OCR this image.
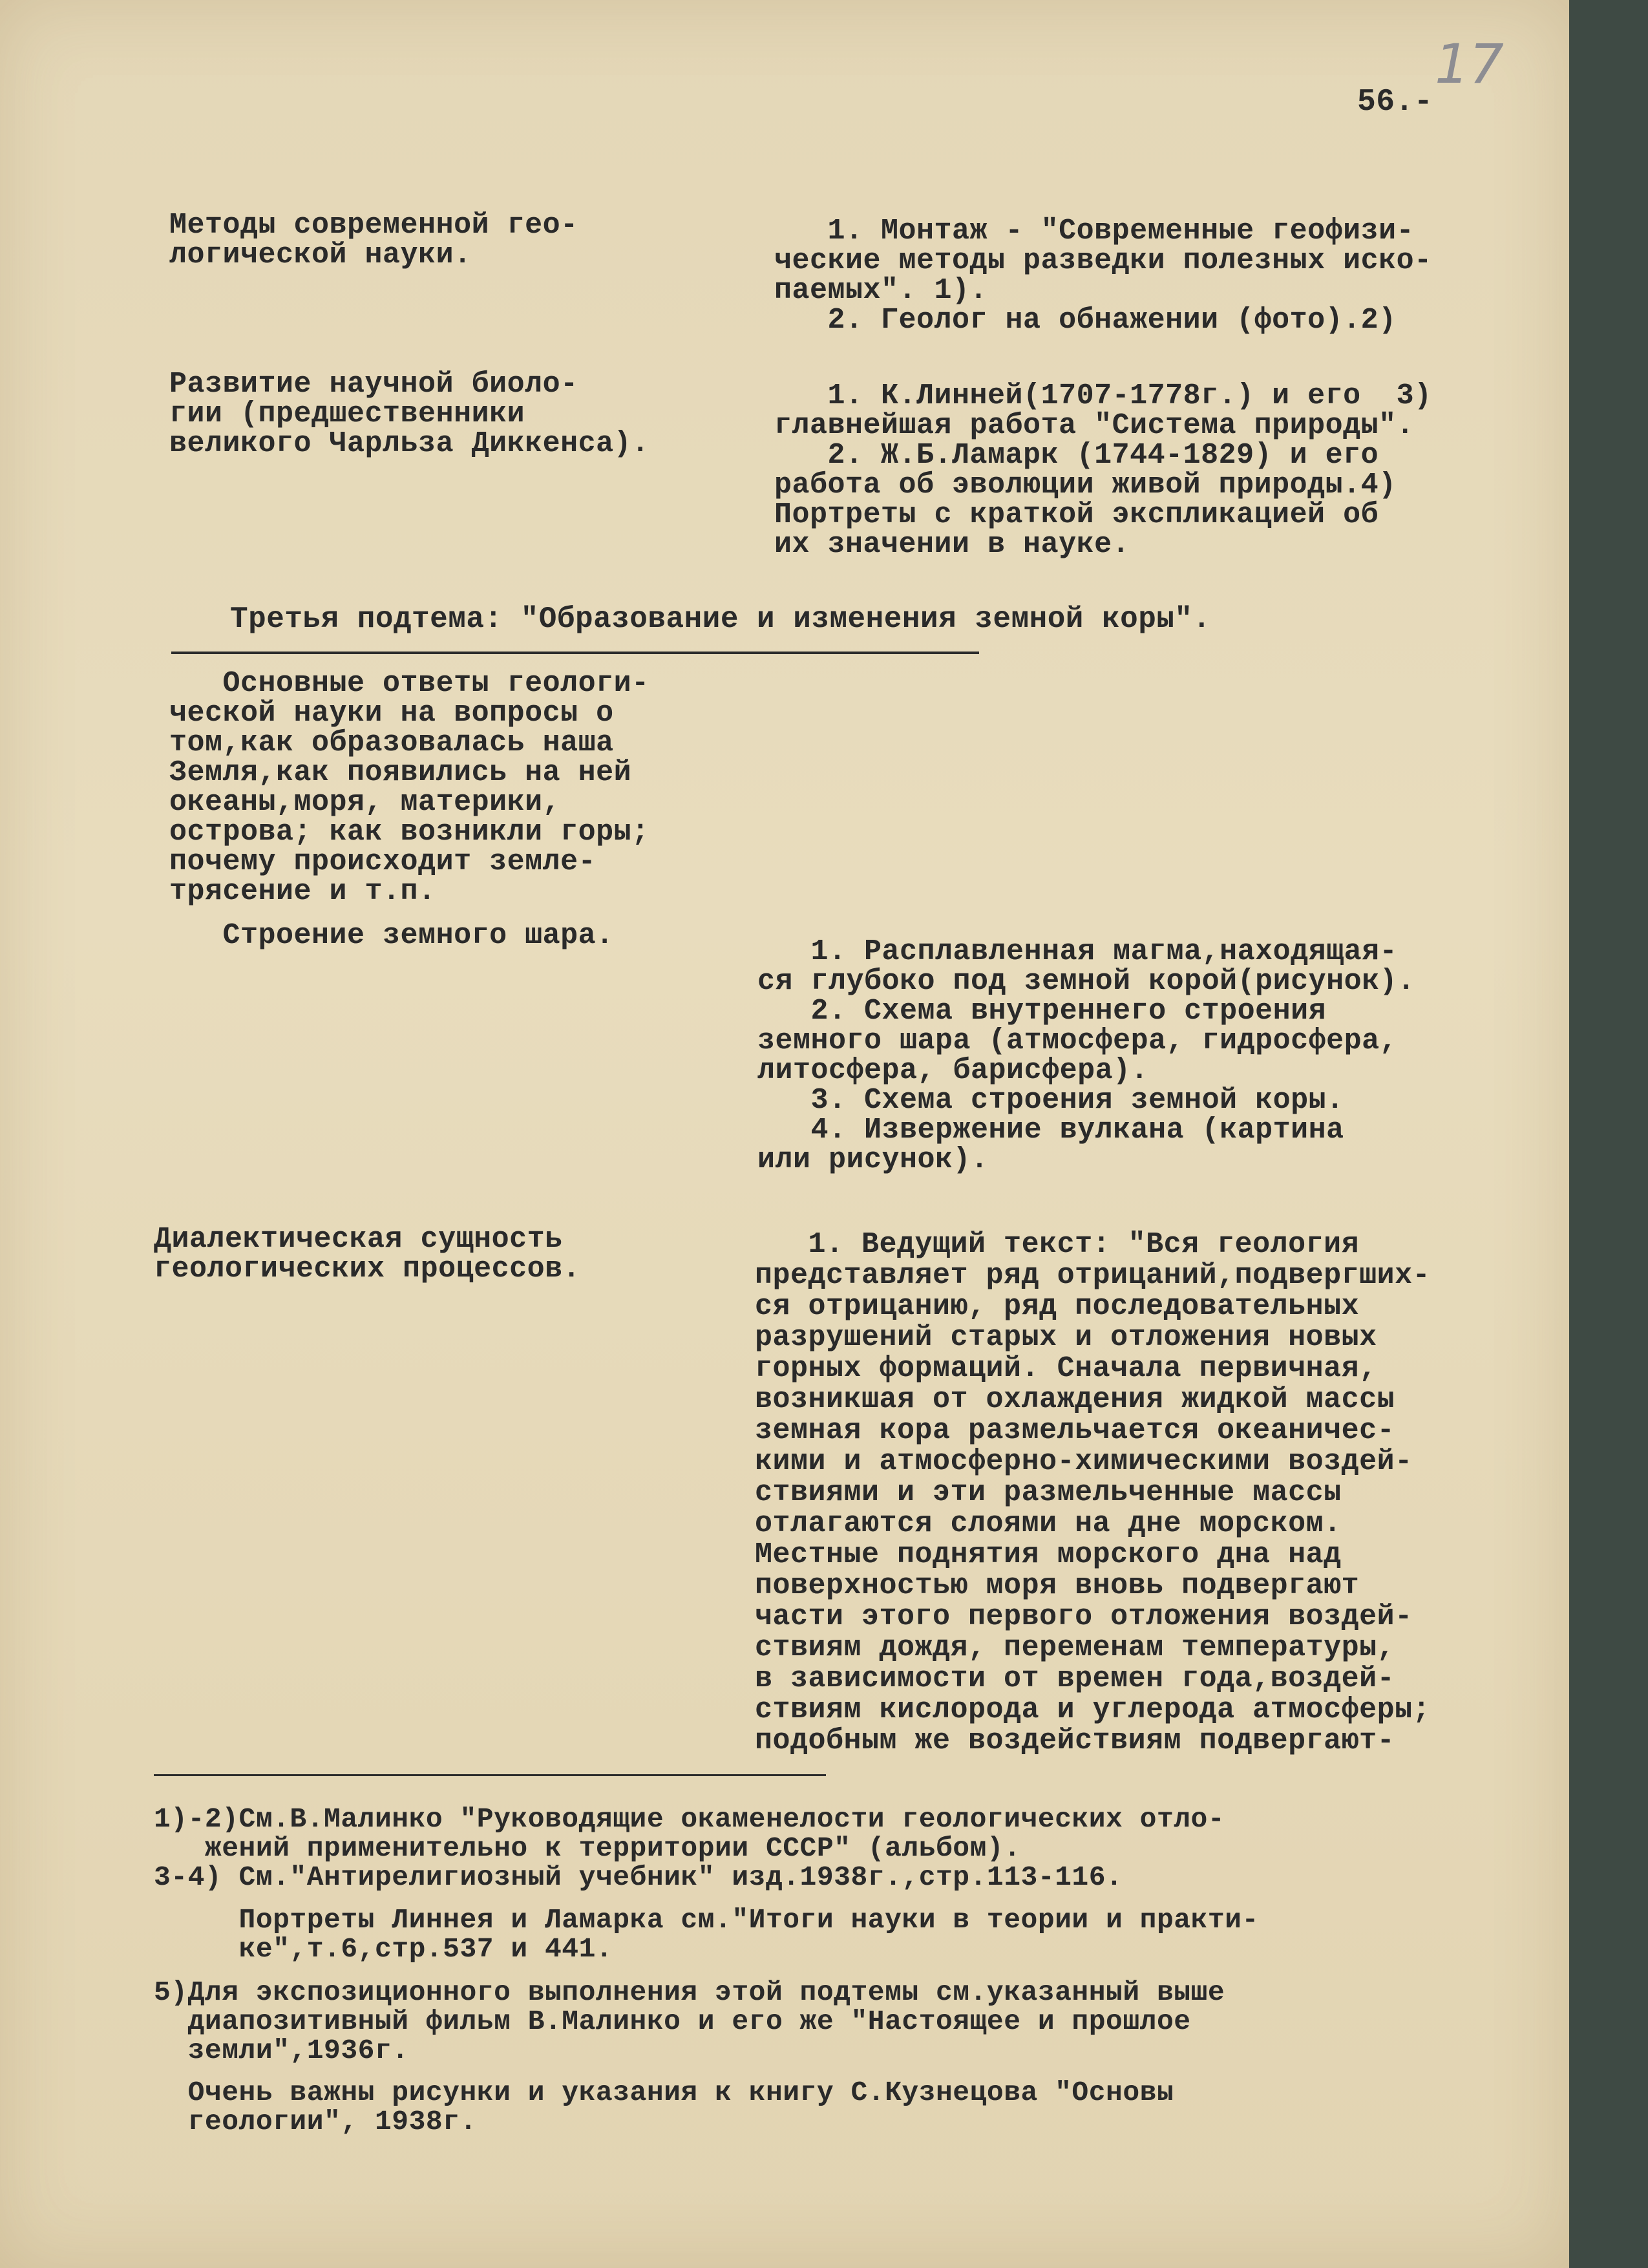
17
56.-
Методы современной гео-
логической науки.
1. Монтаж - "Современные геофизи-
ческие методы разведки полезных иско-
паемых". 1).
2. Геолог на обнажении (фото).2)
Развитие научной биоло-
гии (предшественники
великого Чарльза Диккенса).
1. К.Линней(1707-1778г.) и его  3)
главнейшая работа "Система природы".
2. Ж.Б.Ламарк (1744-1829) и его
работа об эволюции живой природы.4)
Портреты с краткой экспликацией об
их значении в науке.
Третья подтема: "Образование и изменения земной коры".
Основные ответы геологи-
ческой науки на вопросы о
том,как образовалась наша
Земля,как появились на ней
океаны,моря, материки,
острова; как возникли горы;
почему происходит земле-
трясение и т.п.
Строение земного шара.	1. Расплавленная магма,находящая-
ся глубоко под земной корой(рисунок).
2. Схема внутреннего строения
земного шара (атмосфера, гидросфера,
литосфера, барисфера).
3. Схема строения земной коры.
4. Извержение вулкана (картина
или рисунок).
Диалектическая сущность
геологических процессов.
1. Ведущий текст: "Вся геология
представляет ряд отрицаний,подвергших-
ся отрицанию, ряд последовательных
разрушений старых и отложения новых
горных формаций. Сначала первичная,
возникшая от охлаждения жидкой массы
земная кора размельчается океаничес-
кими и атмосферно-химическими воздей-
ствиями и эти размельченные массы
отлагаются слоями на дне морском.
Местные поднятия морского дна над
поверхностью моря вновь подвергают
части этого первого отложения воздей-
ствиям дождя, переменам температуры,
в зависимости от времен года,воздей-
ствиям кислорода и углерода атмосферы;
подобным же воздействиям подвергают-
1)-2)См.В.Малинко "Руководящие окаменелости геологических отло-
жений применительно к территории СССР" (альбом).
3-4) См."Антирелигиозный учебник" изд.1938г.,стр.113-116.
Портреты Линнея и Ламарка см."Итоги науки в теории и практи-
ке",т.6,стр.537 и 441.
5)Для экспозиционного выполнения этой подтемы см.указанный выше
диапозитивный фильм В.Малинко и его же "Настоящее и прошлое
земли",1936г.
Очень важны рисунки и указания к книгу С.Кузнецова "Основы
геологии", 1938г.
